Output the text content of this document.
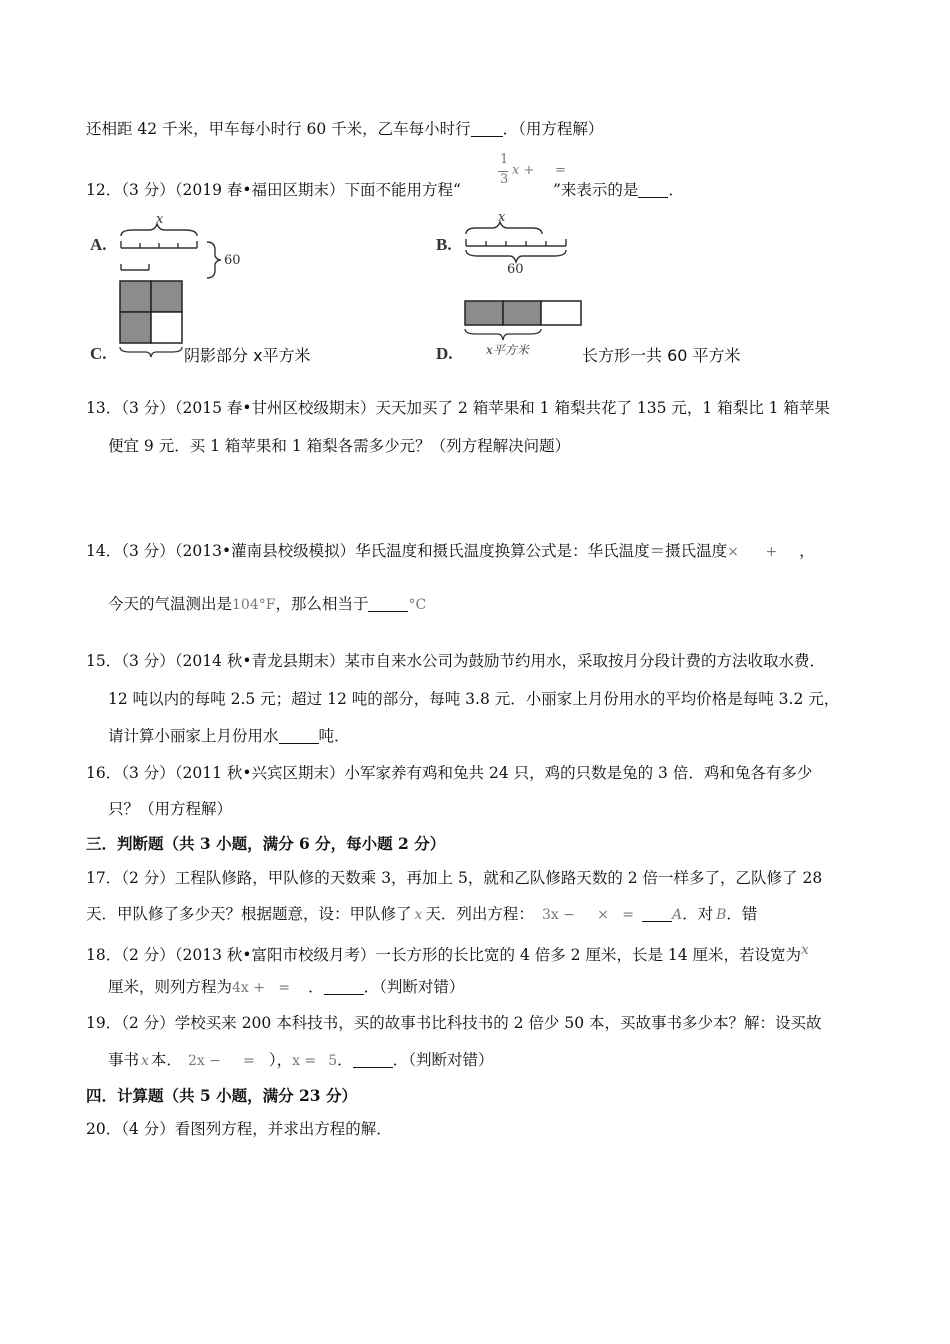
还相距 42 千米，甲车每小时行 60 千米，乙车每小时行 ．（用方程解）
12．（3 分）（2019 春•福田区期末）下面不能用方程“	”来表示的是 ．
1
3
x +     =
A.
x
60
B.
x
60
C.	阴影部分 x平方米	D.	x平方米	长方形一共 60 平方米
13．（3 分）（2015 春•甘州区校级期末）天天加买了 2 箱苹果和 1 箱梨共花了 135 元，1 箱梨比 1 箱苹果
便宜 9 元．买 1 箱苹果和 1 箱梨各需多少元？（列方程解决问题）
14．（3 分）（2013•灌南县校级模拟）华氏温度和摄氏温度换算公式是：华氏温度＝摄氏温度×      + ，
今天的气温测出是104°F，那么相当于	°C
15．（3 分）（2014 秋•青龙县期末）某市自来水公司为鼓励节约用水，采取按月分段计费的方法收取水费．
12 吨以内的每吨 2.5 元；超过 12 吨的部分，每吨 3.8 元．小丽家上月份用水的平均价格是每吨 3.2 元，
请计算小丽家上月份用水	吨．
16．（3 分）（2011 秋•兴宾区期末）小军家养有鸡和兔共 24 只，鸡的只数是兔的 3 倍．鸡和兔各有多少
只？（用方程解）
三．判断题（共 3 小题，满分 6 分，每小题 2 分）
17．（2 分）工程队修路，甲队修的天数乘 3，再加上 5，就和乙队修路天数的 2 倍一样多了，乙队修了 28
天．甲队修了多少天？根据题意，设：甲队修了 x 天．列出方程： 3x −     ×   =	A．对 B．错
18．（2 分）（2013 秋•富阳市校级月考）一长方形的长比宽的 4 倍多 2 厘米，长是 14 厘米，若设宽为x
厘米，则列方程为4x +   = ．	．（判断对错）
19．（2 分）学校买来 200 本科技书，买的故事书比科技书的 2 倍少 50 本，买故事书多少本？解：设买故
事书 x 本． 2x −     = ），x = 5．	．（判断对错）
四．计算题（共 5 小题，满分 23 分）
20．（4 分）看图列方程，并求出方程的解．
